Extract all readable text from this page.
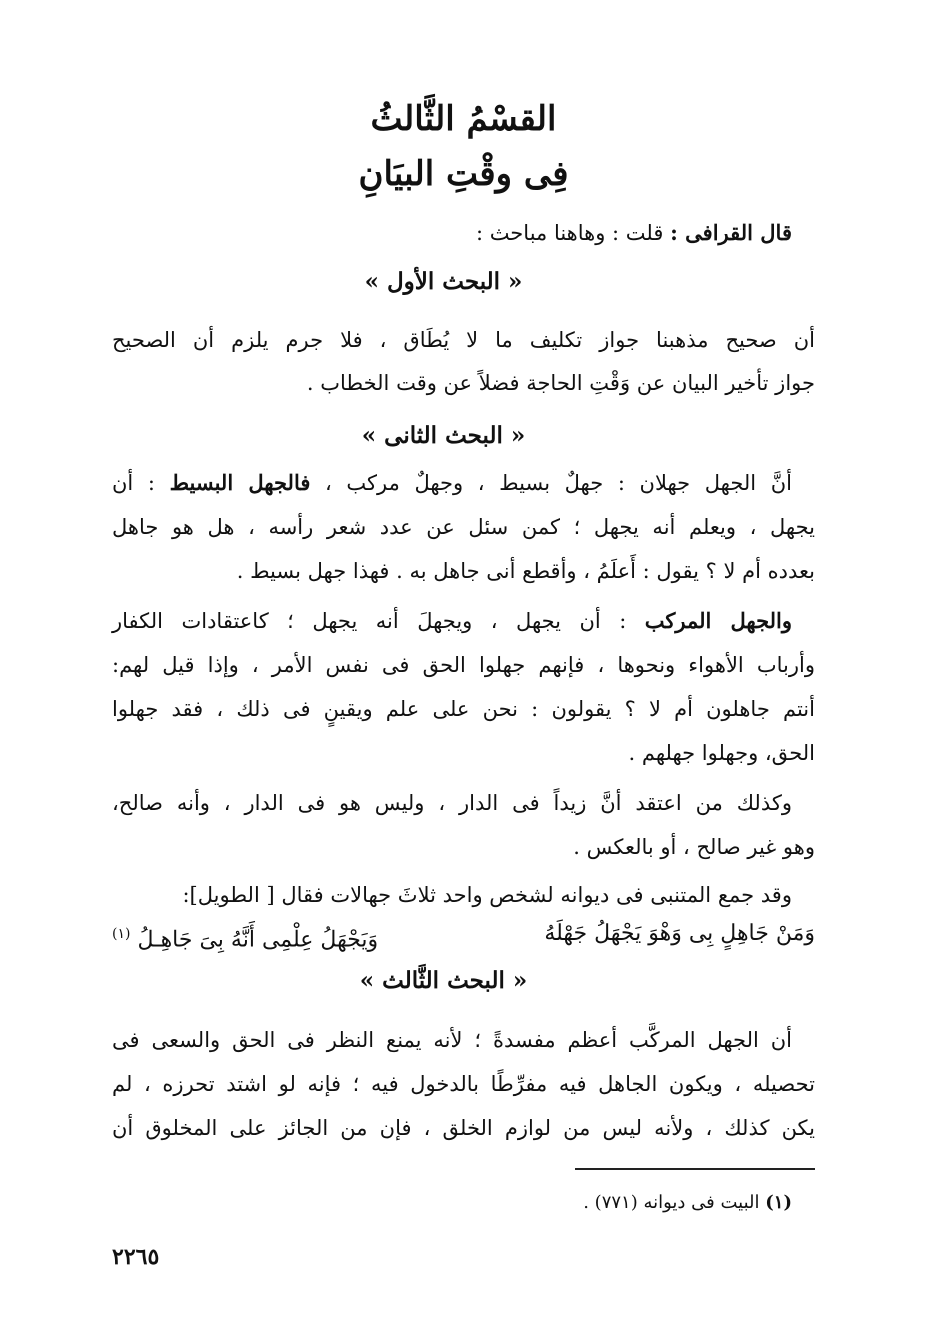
القسْمُ الثَّالثُ
فِى وقْتِ البيَانِ
قال القرافى : قلت : وهاهنا مباحث :
« البحث الأول »
أن صحيح مذهبنا جواز تكليف ما لا يُطَاق ، فلا جرم يلزم أن الصحيح
جواز تأخير البيان عن وَقْتِ الحاجة فضلاً عن وقت الخطاب .
« البحث الثانى »
أنَّ الجهل جهلان : جهلٌ بسيط ، وجهلٌ مركب ، فالجهل البسيط : أن
يجهل ، ويعلم أنه يجهل ؛ كمن سئل عن عدد شعر رأسه ، هل هو جاهل
بعدده أم لا ؟ يقول : أَعلَمُ ، وأقطع أنى جاهل به . فهذا جهل بسيط .
والجهل المركب : أن يجهل ، ويجهلَ أنه يجهل ؛ كاعتقادات الكفار
وأرباب الأهواء ونحوها ، فإنهم جهلوا الحق فى نفس الأمر ، وإذا قيل لهم:
أنتم جاهلون أم لا ؟ يقولون : نحن على علم ويقينٍ فى ذلك ، فقد جهلوا
الحق، وجهلوا جهلهم .
وكذلك من اعتقد أنَّ زيداً فى الدار ، وليس هو فى الدار ، وأنه صالح،
وهو غير صالح ، أو بالعكس .
وقد جمع المتنبى فى ديوانه لشخص واحد ثلاثَ جهالات فقال [ الطويل]:
وَمَنْ جَاهِلٍ بِى وَهْوَ يَجْهَلُ جَهْلَهُ
وَيَجْهَلُ عِلْمِى أَنَّهُ بِىَ جَاهِـلُ $^{(١)}$
« البحث الثَّالث »
أن الجهل المركَّب أعظم مفسدةً ؛ لأنه يمنع النظر فى الحق والسعى فى
تحصيله ، ويكون الجاهل فيه مفرِّطًا بالدخول فيه ؛ فإنه لو اشتد تحرزه ، لم
يكن كذلك ، ولأنه ليس من لوازم الخلق ، فإن من الجائز على المخلوق أن
(١) البيت فى ديوانه (٧٧١) .
٢٢٦٥
